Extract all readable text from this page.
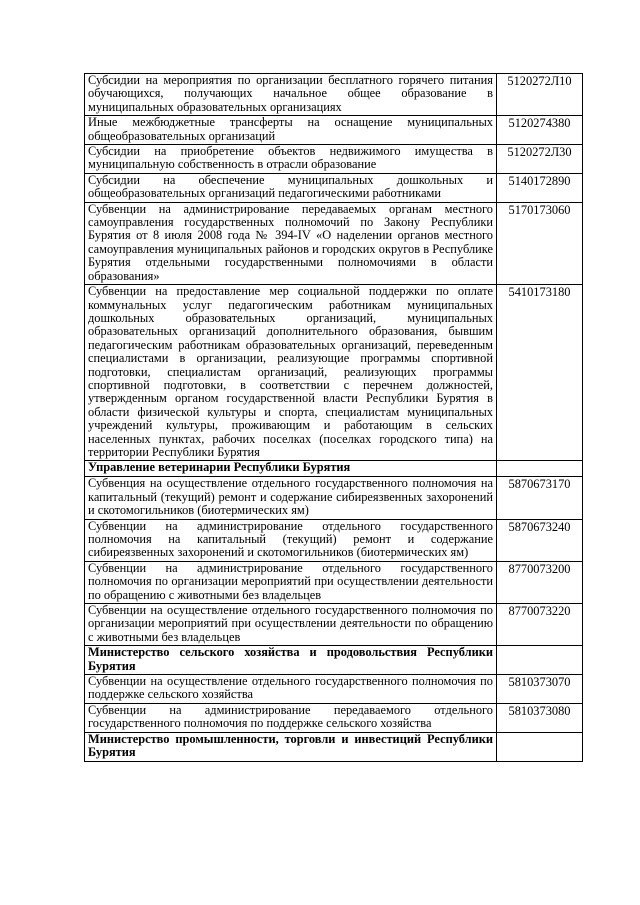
Субсидии на мероприятия по организации бесплатного горячего питания обучающихся, получающих начальное общее образование в муниципальных образовательных организациях	5120272Л10
Иные межбюджетные трансферты на оснащение муниципальных общеобразовательных организаций	5120274380
Субсидии на приобретение объектов недвижимого имущества в муниципальную собственность в отрасли образование	5120272Л30
Субсидии на обеспечение муниципальных дошкольных и общеобразовательных организаций педагогическими работниками	5140172890
Субвенции на администрирование передаваемых органам местного самоуправления государственных полномочий по Закону Республики Бурятия от 8 июля 2008 года № 394-IV «О наделении органов местного самоуправления муниципальных районов и городских округов в Республике Бурятия отдельными государственными полномочиями в области образования»	5170173060
Субвенции на предоставление мер социальной поддержки по оплате коммунальных услуг педагогическим работникам муниципальных дошкольных образовательных организаций, муниципальных образовательных организаций дополнительного образования, бывшим педагогическим работникам образовательных организаций, переведенным специалистами в организации, реализующие программы спортивной подготовки, специалистам организаций, реализующих программы спортивной подготовки, в соответствии с перечнем должностей, утвержденным органом государственной власти Республики Бурятия в области физической культуры и спорта, специалистам муниципальных учреждений культуры, проживающим и работающим в сельских населенных пунктах, рабочих поселках (поселках городского типа) на территории Республики Бурятия	5410173180
Управление ветеринарии Республики Бурятия	
Субвенция на осуществление отдельного государственного полномочия на капитальный (текущий) ремонт и содержание сибиреязвенных захоронений и скотомогильников (биотермических ям)	5870673170
Субвенции на администрирование отдельного государственного полномочия на капитальный (текущий) ремонт и содержание сибиреязвенных захоронений и скотомогильников (биотермических ям)	5870673240
Субвенции на администрирование отдельного государственного полномочия по организации мероприятий при осуществлении деятельности по обращению с животными без владельцев	8770073200
Субвенции на осуществление отдельного государственного полномочия по организации мероприятий при осуществлении деятельности по обращению с животными без владельцев	8770073220
Министерство сельского хозяйства и продовольствия Республики Бурятия	
Субвенции на осуществление отдельного государственного полномочия по поддержке сельского хозяйства	5810373070
Субвенции на администрирование передаваемого отдельного государственного полномочия по поддержке сельского хозяйства	5810373080
Министерство промышленности, торговли и инвестиций Республики Бурятия	
